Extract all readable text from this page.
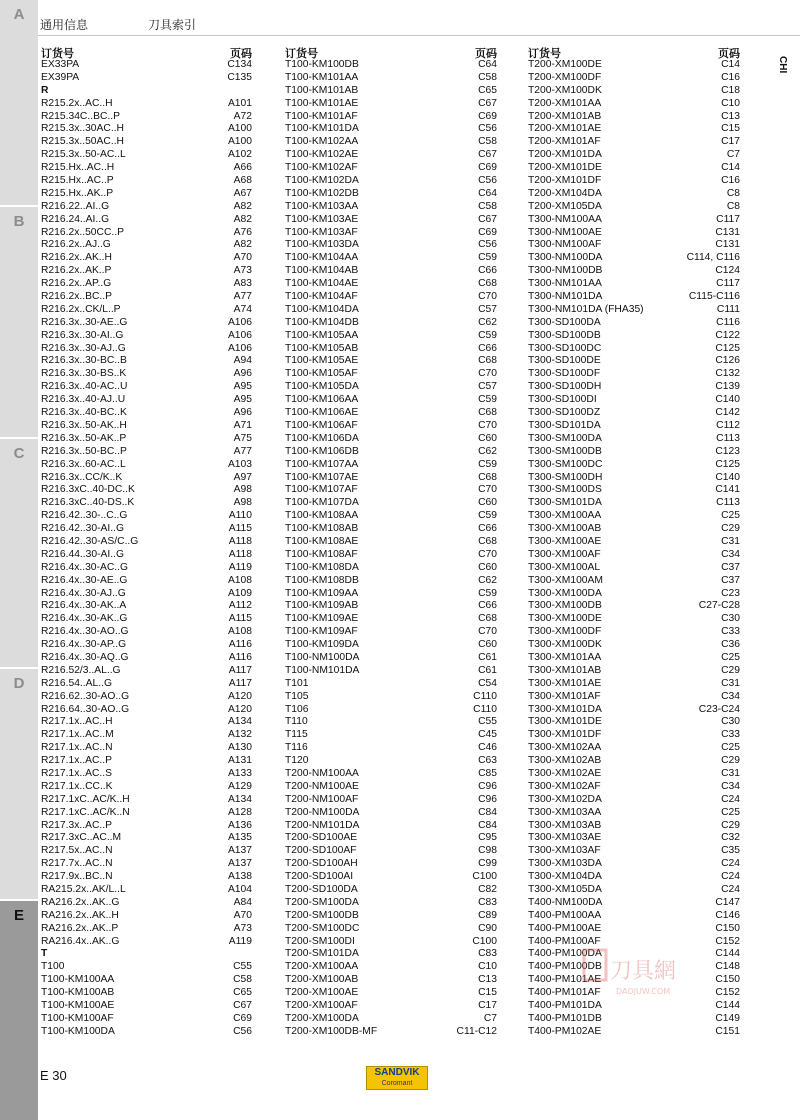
A
B
C
D
E
通用信息	刀具索引
CHI
订货号	页码
EX33PA	C134
EX39PA	C135
R
R215.2x..AC..H	A101
R215.34C..BC..P	A72
R215.3x..30AC..H	A100
R215.3x..50AC..H	A100
R215.3x..50-AC..L	A102
R215.Hx..AC..H	A66
R215.Hx..AC..P	A68
R215.Hx..AK..P	A67
R216.22..AI..G	A82
R216.24..AI..G	A82
R216.2x..50CC..P	A76
R216.2x..AJ..G	A82
R216.2x..AK..H	A70
R216.2x..AK..P	A73
R216.2x..AP..G	A83
R216.2x..BC..P	A77
R216.2x..CK/L..P	A74
R216.3x..30-AE..G	A106
R216.3x..30-AI..G	A106
R216.3x..30-AJ..G	A106
R216.3x..30-BC..B	A94
R216.3x..30-BS..K	A96
R216.3x..40-AC..U	A95
R216.3x..40-AJ..U	A95
R216.3x..40-BC..K	A96
R216.3x..50-AK..H	A71
R216.3x..50-AK..P	A75
R216.3x..50-BC..P	A77
R216.3x..60-AC..L	A103
R216.3x..CC/K..K	A97
R216.3xC..40-DC..K	A98
R216.3xC..40-DS..K	A98
R216.42..30-..C..G	A110
R216.42..30-AI..G	A115
R216.42..30-AS/C..G	A118
R216.44..30-AI..G	A118
R216.4x..30-AC..G	A119
R216.4x..30-AE..G	A108
R216.4x..30-AJ..G	A109
R216.4x..30-AK..A	A112
R216.4x..30-AK..G	A115
R216.4x..30-AO..G	A108
R216.4x..30-AP..G	A116
R216.4x..30-AQ..G	A116
R216.52/3..AL..G	A117
R216.54..AL..G	A117
R216.62..30-AO..G	A120
R216.64..30-AO..G	A120
R217.1x..AC..H	A134
R217.1x..AC..M	A132
R217.1x..AC..N	A130
R217.1x..AC..P	A131
R217.1x..AC..S	A133
R217.1x..CC..K	A129
R217.1xC..AC/K..H	A134
R217.1xC..AC/K..N	A128
R217.3x..AC..P	A136
R217.3xC..AC..M	A135
R217.5x..AC..N	A137
R217.7x..AC..N	A137
R217.9x..BC..N	A138
RA215.2x..AK/L..L	A104
RA216.2x..AK..G	A84
RA216.2x..AK..H	A70
RA216.2x..AK..P	A73
RA216.4x..AK..G	A119
T
T100	C55
T100-KM100AA	C58
T100-KM100AB	C65
T100-KM100AE	C67
T100-KM100AF	C69
T100-KM100DA	C56
订货号	页码
T100-KM100DB	C64
T100-KM101AA	C58
T100-KM101AB	C65
T100-KM101AE	C67
T100-KM101AF	C69
T100-KM101DA	C56
T100-KM102AA	C58
T100-KM102AE	C67
T100-KM102AF	C69
T100-KM102DA	C56
T100-KM102DB	C64
T100-KM103AA	C58
T100-KM103AE	C67
T100-KM103AF	C69
T100-KM103DA	C56
T100-KM104AA	C59
T100-KM104AB	C66
T100-KM104AE	C68
T100-KM104AF	C70
T100-KM104DA	C57
T100-KM104DB	C62
T100-KM105AA	C59
T100-KM105AB	C66
T100-KM105AE	C68
T100-KM105AF	C70
T100-KM105DA	C57
T100-KM106AA	C59
T100-KM106AE	C68
T100-KM106AF	C70
T100-KM106DA	C60
T100-KM106DB	C62
T100-KM107AA	C59
T100-KM107AE	C68
T100-KM107AF	C70
T100-KM107DA	C60
T100-KM108AA	C59
T100-KM108AB	C66
T100-KM108AE	C68
T100-KM108AF	C70
T100-KM108DA	C60
T100-KM108DB	C62
T100-KM109AA	C59
T100-KM109AB	C66
T100-KM109AE	C68
T100-KM109AF	C70
T100-KM109DA	C60
T100-NM100DA	C61
T100-NM101DA	C61
T101	C54
T105	C110
T106	C110
T110	C55
T115	C45
T116	C46
T120	C63
T200-NM100AA	C85
T200-NM100AE	C96
T200-NM100AF	C96
T200-NM100DA	C84
T200-NM101DA	C84
T200-SD100AE	C95
T200-SD100AF	C98
T200-SD100AH	C99
T200-SD100AI	C100
T200-SD100DA	C82
T200-SM100DA	C83
T200-SM100DB	C89
T200-SM100DC	C90
T200-SM100DI	C100
T200-SM101DA	C83
T200-XM100AA	C10
T200-XM100AB	C13
T200-XM100AE	C15
T200-XM100AF	C17
T200-XM100DA	C7
T200-XM100DB-MF	C11-C12
订货号	页码
T200-XM100DE	C14
T200-XM100DF	C16
T200-XM100DK	C18
T200-XM101AA	C10
T200-XM101AB	C13
T200-XM101AE	C15
T200-XM101AF	C17
T200-XM101DA	C7
T200-XM101DE	C14
T200-XM101DF	C16
T200-XM104DA	C8
T200-XM105DA	C8
T300-NM100AA	C117
T300-NM100AE	C131
T300-NM100AF	C131
T300-NM100DA	C114, C116
T300-NM100DB	C124
T300-NM101AA	C117
T300-NM101DA	C115-C116
T300-NM101DA (FHA35)	C111
T300-SD100DA	C116
T300-SD100DB	C122
T300-SD100DC	C125
T300-SD100DE	C126
T300-SD100DF	C132
T300-SD100DH	C139
T300-SD100DI	C140
T300-SD100DZ	C142
T300-SD101DA	C112
T300-SM100DA	C113
T300-SM100DB	C123
T300-SM100DC	C125
T300-SM100DH	C140
T300-SM100DS	C141
T300-SM101DA	C113
T300-XM100AA	C25
T300-XM100AB	C29
T300-XM100AE	C31
T300-XM100AF	C34
T300-XM100AL	C37
T300-XM100AM	C37
T300-XM100DA	C23
T300-XM100DB	C27-C28
T300-XM100DE	C30
T300-XM100DF	C33
T300-XM100DK	C36
T300-XM101AA	C25
T300-XM101AB	C29
T300-XM101AE	C31
T300-XM101AF	C34
T300-XM101DA	C23-C24
T300-XM101DE	C30
T300-XM101DF	C33
T300-XM102AA	C25
T300-XM102AB	C29
T300-XM102AE	C31
T300-XM102AF	C34
T300-XM102DA	C24
T300-XM103AA	C25
T300-XM103AB	C29
T300-XM103AE	C32
T300-XM103AF	C35
T300-XM103DA	C24
T300-XM104DA	C24
T300-XM105DA	C24
T400-NM100DA	C147
T400-PM100AA	C146
T400-PM100AE	C150
T400-PM100AF	C152
T400-PM100DA	C144
T400-PM100DB	C148
T400-PM101AE	C150
T400-PM101AF	C152
T400-PM101DA	C144
T400-PM101DB	C149
T400-PM102AE	C151
E 30	SANDVIK
Coromant
刀具網
DAOJUW.COM
